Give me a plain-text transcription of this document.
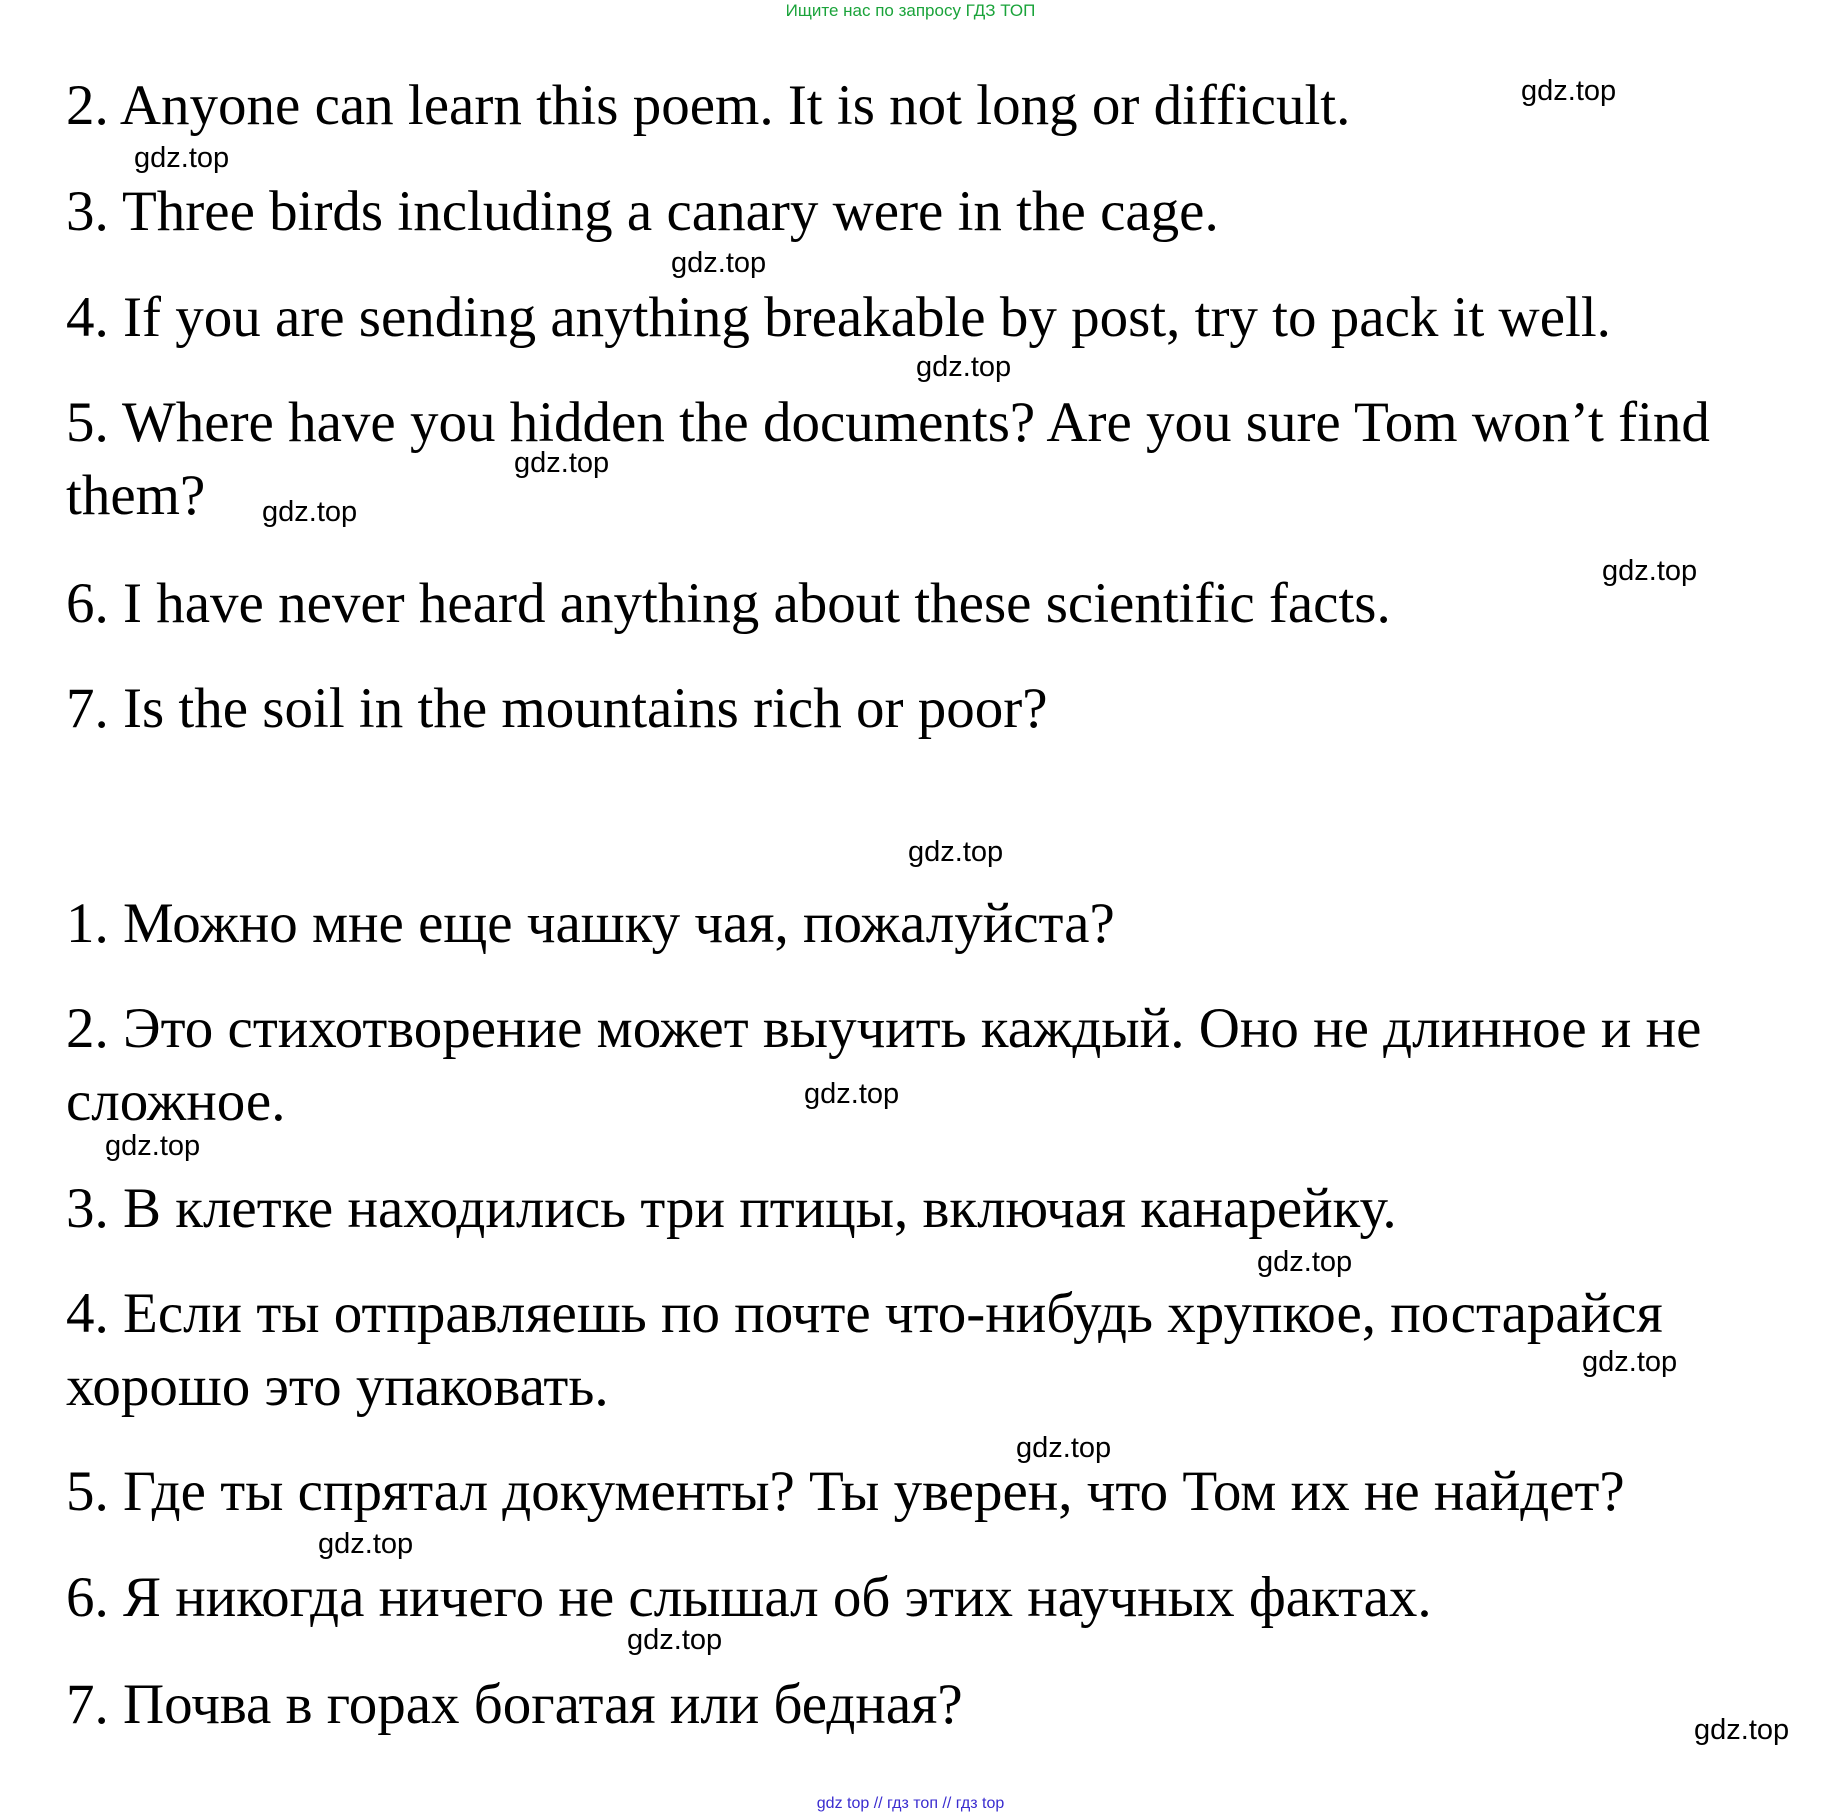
Ищите нас по запросу ГДЗ ТОП
2. Anyone can learn this poem. It is not long or difficult.
3. Three birds including a canary were in the cage.
4. If you are sending anything breakable by post, try to pack it well.
5. Where have you hidden the documents? Are you sure Tom won’t find
them?
6. I have never heard anything about these scientific facts.
7. Is the soil in the mountains rich or poor?
1. Можно мне еще чашку чая, пожалуйста?
2. Это стихотворение может выучить каждый. Оно не длинное и не
сложное.
3. В клетке находились три птицы, включая канарейку.
4. Если ты отправляешь по почте что-нибудь хрупкое, постарайся
хорошо это упаковать.
5. Где ты спрятал документы? Ты уверен, что Том их не найдет?
6. Я никогда ничего не слышал об этих научных фактах.
7. Почва в горах богатая или бедная?
gdz.top
gdz.top
gdz.top
gdz.top
gdz.top
gdz.top
gdz.top
gdz.top
gdz.top
gdz.top
gdz.top
gdz.top
gdz.top
gdz.top
gdz.top
gdz.top
gdz top // гдз топ // гдз top
